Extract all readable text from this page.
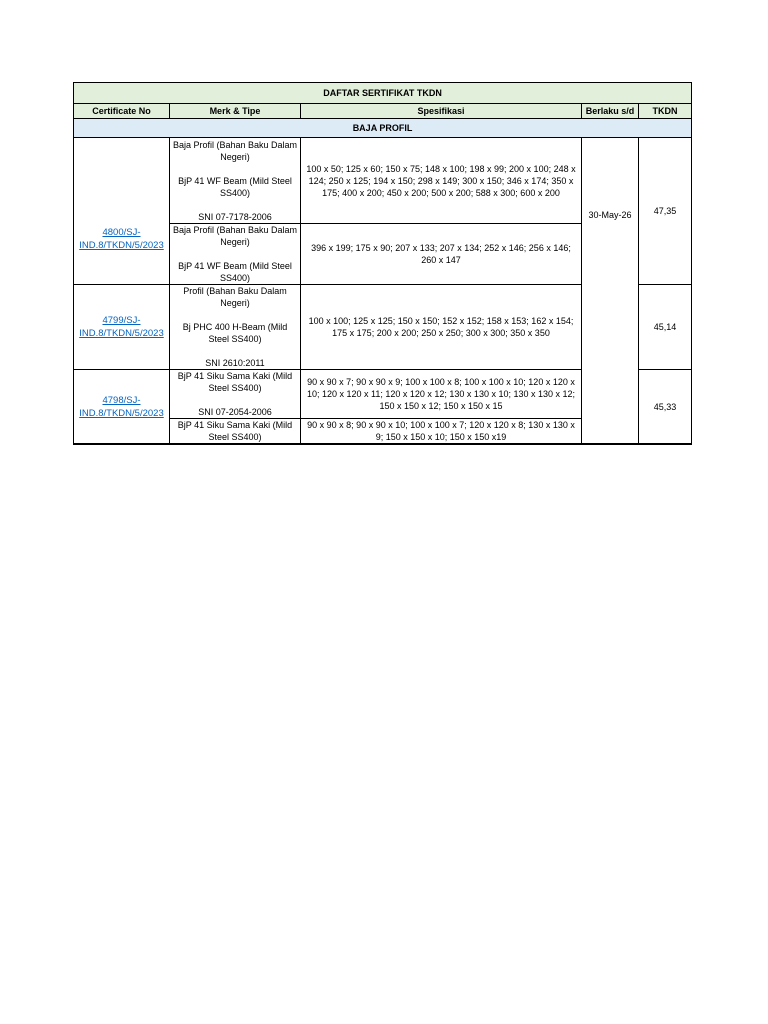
DAFTAR SERTIFIKAT TKDN				
Certificate No	Merk & Tipe	Spesifikasi	Berlaku s/d	TKDN
BAJA PROFIL				
4800/SJ-IND.8/TKDN/5/2023	Baja Profil (Bahan Baku Dalam Negeri)

BjP 41 WF Beam (Mild Steel SS400)

SNI 07-7178-2006	100 x 50; 125 x 60; 150 x 75; 148 x 100; 198 x 99; 200 x 100; 248 x 124; 250 x 125; 194 x 150; 298 x 149; 300 x 150; 346 x 174; 350 x 175; 400 x 200; 450 x 200; 500 x 200; 588 x 300; 600 x 200	30-May-26	47,35
	Baja Profil (Bahan Baku Dalam Negeri)

BjP 41 WF Beam (Mild Steel SS400)	396 x 199; 175 x 90; 207 x 133; 207 x 134; 252 x 146; 256 x 146; 260 x 147		
4799/SJ-IND.8/TKDN/5/2023	Profil (Bahan Baku Dalam Negeri)

Bj PHC 400 H-Beam (Mild Steel SS400)

SNI 2610:2011	100 x 100; 125 x 125; 150 x 150; 152 x 152; 158 x 153; 162 x 154; 175 x 175; 200 x 200; 250 x 250; 300 x 300; 350 x 350		45,14
4798/SJ-IND.8/TKDN/5/2023	BjP 41 Siku Sama Kaki (Mild Steel SS400)

SNI 07-2054-2006	90 x 90 x 7; 90 x 90 x 9; 100 x 100 x 8; 100 x 100 x 10; 120 x 120 x 10; 120 x 120 x 11; 120 x 120 x 12; 130 x 130 x 10; 130 x 130 x 12; 150 x 150 x 12; 150 x 150 x 15		45,33
	BjP 41 Siku Sama Kaki (Mild Steel SS400)	90 x 90 x 8; 90 x 90 x 10; 100 x 100 x 7; 120 x 120 x 8; 130 x 130 x 9; 150 x 150 x 10; 150 x 150 x19		
